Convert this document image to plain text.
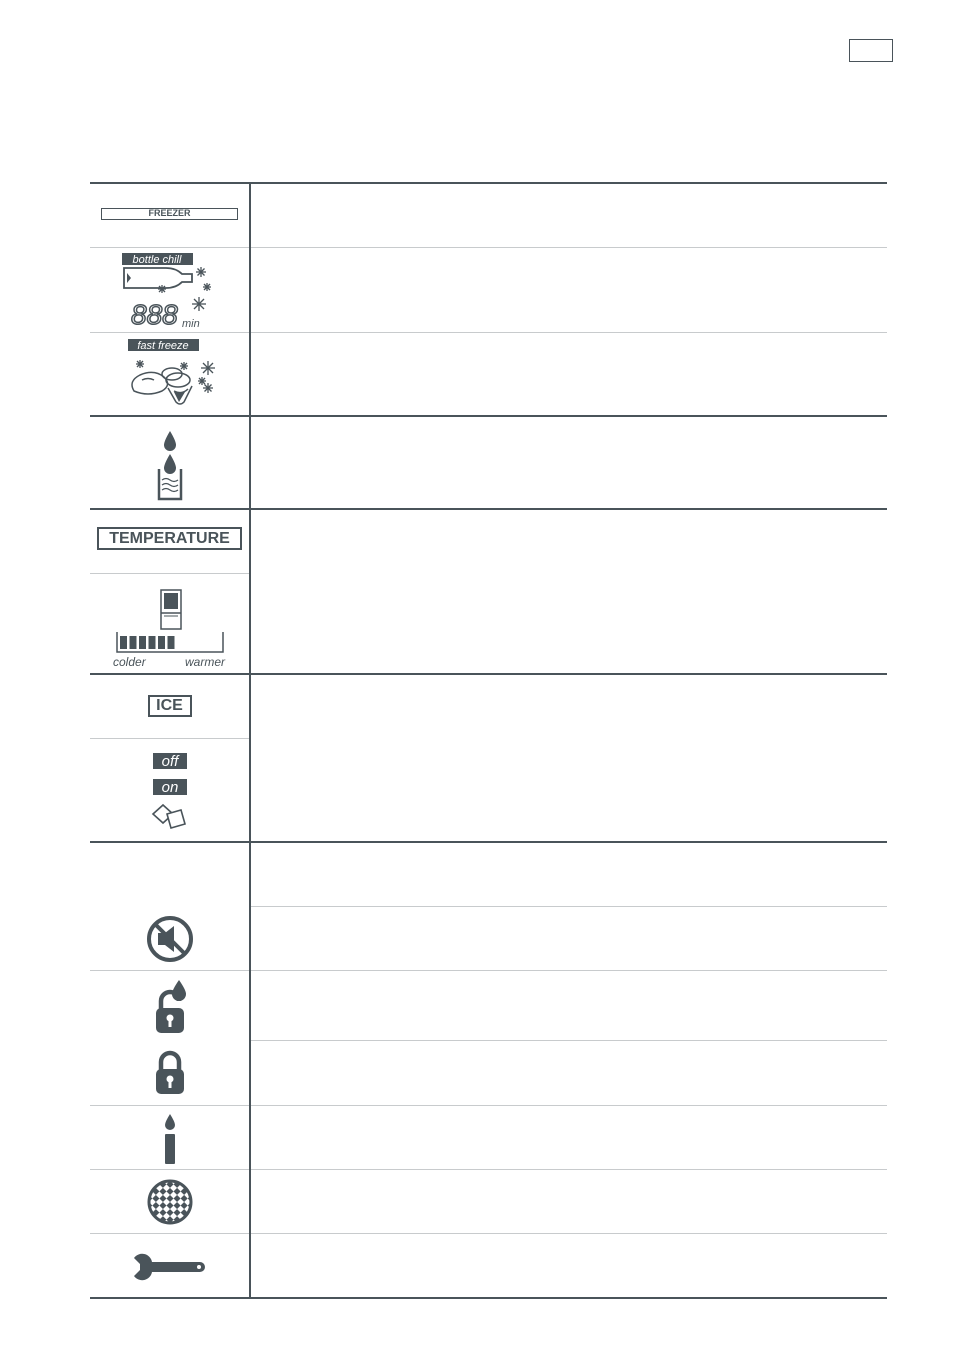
FREEZER
bottle chill
888 min
fast freeze
TEMPERATURE
colder	warmer
ICE
off
on
